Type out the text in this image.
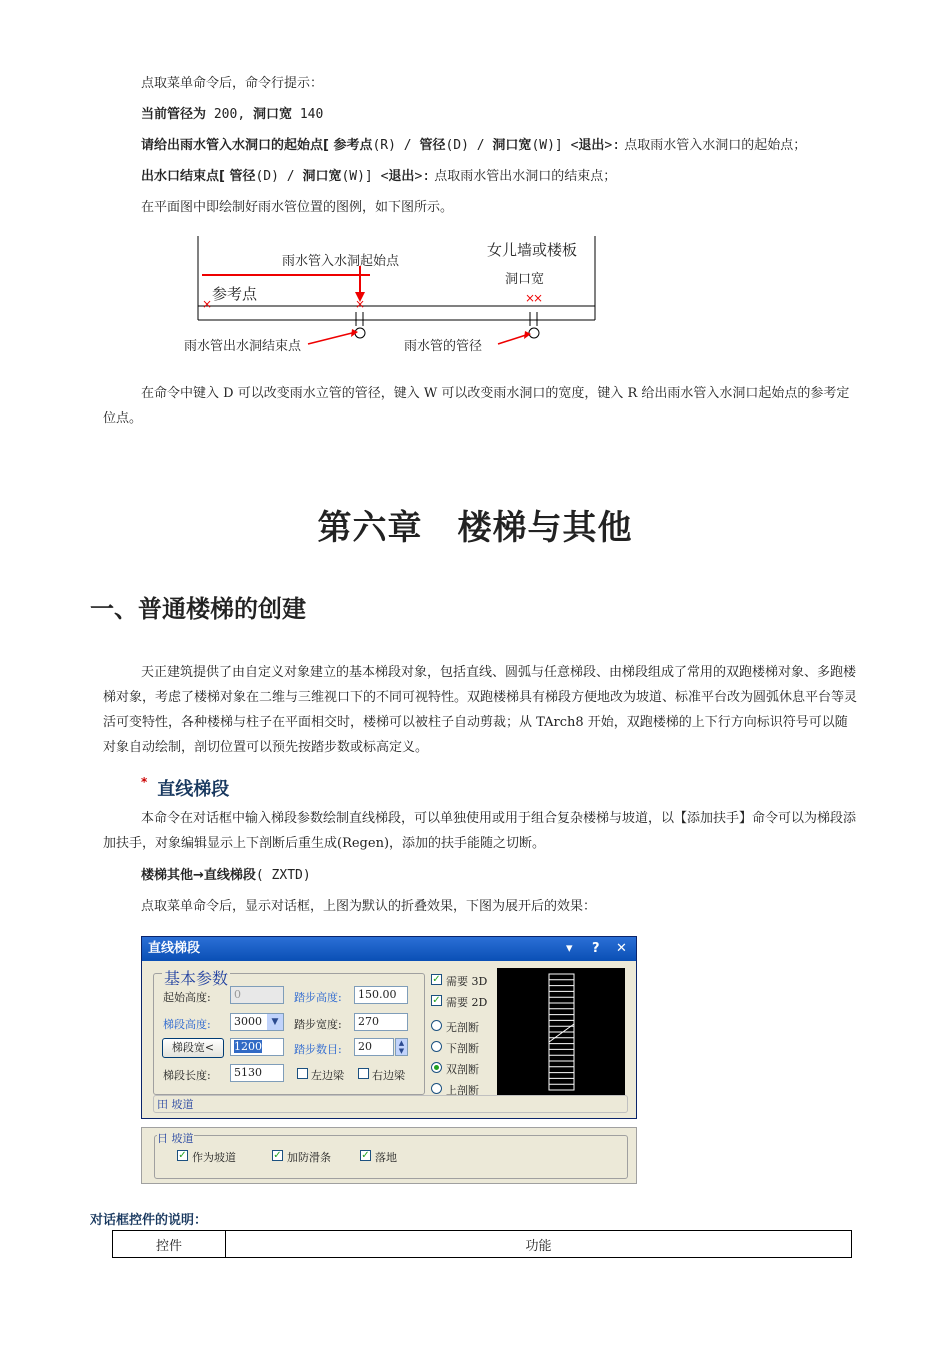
点取菜单命令后，命令行提示：
当前管径为 200, 洞口宽 140
请给出雨水管入水洞口的起始点[ 参考点(R) / 管径(D) / 洞口宽(W)] <退出>: 点取雨水管入水洞口的起始点；
出水口结束点[ 管径(D) / 洞口宽(W)] <退出>: 点取雨水管出水洞口的结束点；
在平面图中即绘制好雨水管位置的图例，如下图所示。
×	×	×
×
雨水管入水洞起始点
女儿墙或楼板
参考点
洞口宽
雨水管出水洞结束点	雨水管的管径
在命令中键入 D 可以改变雨水立管的管径，键入 W 可以改变雨水洞口的宽度，键入 R 给出雨水管入水洞口起始点的参考定位点。
第六章　楼梯与其他
一、普通楼梯的创建
天正建筑提供了由自定义对象建立的基本梯段对象，包括直线、圆弧与任意梯段、由梯段组成了常用的双跑楼梯对象、多跑楼梯对象，考虑了楼梯对象在二维与三维视口下的不同可视特性。双跑楼梯具有梯段方便地改为坡道、标准平台改为圆弧休息平台等灵活可变特性，各种楼梯与柱子在平面相交时，楼梯可以被柱子自动剪裁；从 TArch8 开始，双跑楼梯的上下行方向标识符号可以随对象自动绘制，剖切位置可以预先按踏步数或标高定义。
* 直线梯段
本命令在对话框中输入梯段参数绘制直线梯段，可以单独使用或用于组合复杂楼梯与坡道，以【添加扶手】命令可以为梯段添加扶手，对象编辑显示上下剖断后重生成(Regen)，添加的扶手能随之切断。
楼梯其他→直线梯段( ZXTD)
点取菜单命令后，显示对话框，上图为默认的折叠效果，下图为展开后的效果：
直线梯段	▾ ? ✕
基本参数
起始高度:	0	踏步高度:	150.00
梯段高度:	3000	▼	踏步宽度:	270
梯段宽<	1200	踏步数目:	20	▲
▼
梯段长度:	5130	左边梁	右边梁
✓ 需要 3D
✓ 需要 2D
无剖断
下剖断
双剖断
上剖断
田 坡道
日 坡道
✓ 作为坡道	✓ 加防滑条	✓ 落地
对话框控件的说明：
控件	功能
